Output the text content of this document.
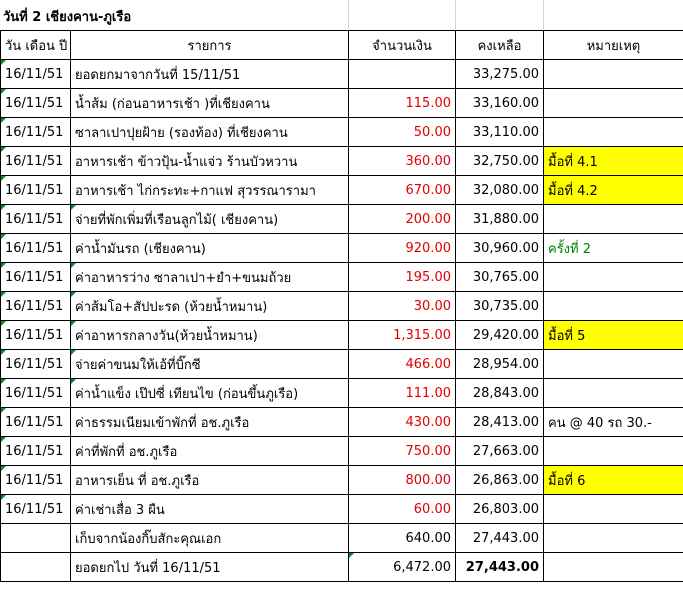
วันที่ 2 เชียงคาน-ภูเรือ
วัน เดือน ปี	รายการ	จำนวนเงิน	คงเหลือ	หมายเหตุ

16/11/51	ยอดยกมาจากวันที่ 15/11/51		33,275.00	

16/11/51	น้ำส้ม (ก่อนอาหารเช้า )ที่เชียงคาน	115.00	33,160.00	

16/11/51	ซาลาเปาปุยฝ้าย (รองท้อง) ที่เชียงคาน	50.00	33,110.00	

16/11/51	อาหารเช้า ข้าวปุ้น-น้ำแจ่ว ร้านบัวหวาน	360.00	32,750.00	มื้อที่ 4.1

16/11/51	อาหารเช้า ไก่กระทะ+กาแฟ สุวรรณารามา	670.00	32,080.00	มื้อที่ 4.2

16/11/51	จ่ายที่พักเพิ่มที่เรือนลูกไม้( เชียงคาน)	200.00	31,880.00	

16/11/51	ค่าน้ำมันรถ (เชียงคาน)	920.00	30,960.00	ครั้งที่ 2

16/11/51	ค่าอาหารว่าง ซาลาเปา+ยำ+ขนมถ้วย	195.00	30,765.00	

16/11/51	ค่าส้มโอ+สัปปะรด (ห้วยน้ำหมาน)	30.00	30,735.00	

16/11/51	ค่าอาหารกลางวัน(ห้วยน้ำหมาน)	1,315.00	29,420.00	มื้อที่ 5

16/11/51	จ่ายค่าขนมให้เอ้ที่บิ๊กซี	466.00	28,954.00	

16/11/51	ค่าน้ำแข็ง เป๊ปซี่ เทียนไข (ก่อนขึ้นภูเรือ)	111.00	28,843.00	

16/11/51	ค่าธรรมเนียมเข้าพักที่ อช.ภูเรือ	430.00	28,413.00	คน @ 40 รถ 30.-

16/11/51	ค่าที่พักที่ อช.ภูเรือ	750.00	27,663.00	

16/11/51	อาหารเย็น ที่ อช.ภูเรือ	800.00	26,863.00	มื้อที่ 6

16/11/51	ค่าเช่าเสื่อ 3 ผืน	60.00	26,803.00	
	เก็บจากน้องกิ๊บสักะคุณเอก	640.00	27,443.00	
	ยอดยกไป วันที่ 16/11/51	6,472.00	27,443.00	
